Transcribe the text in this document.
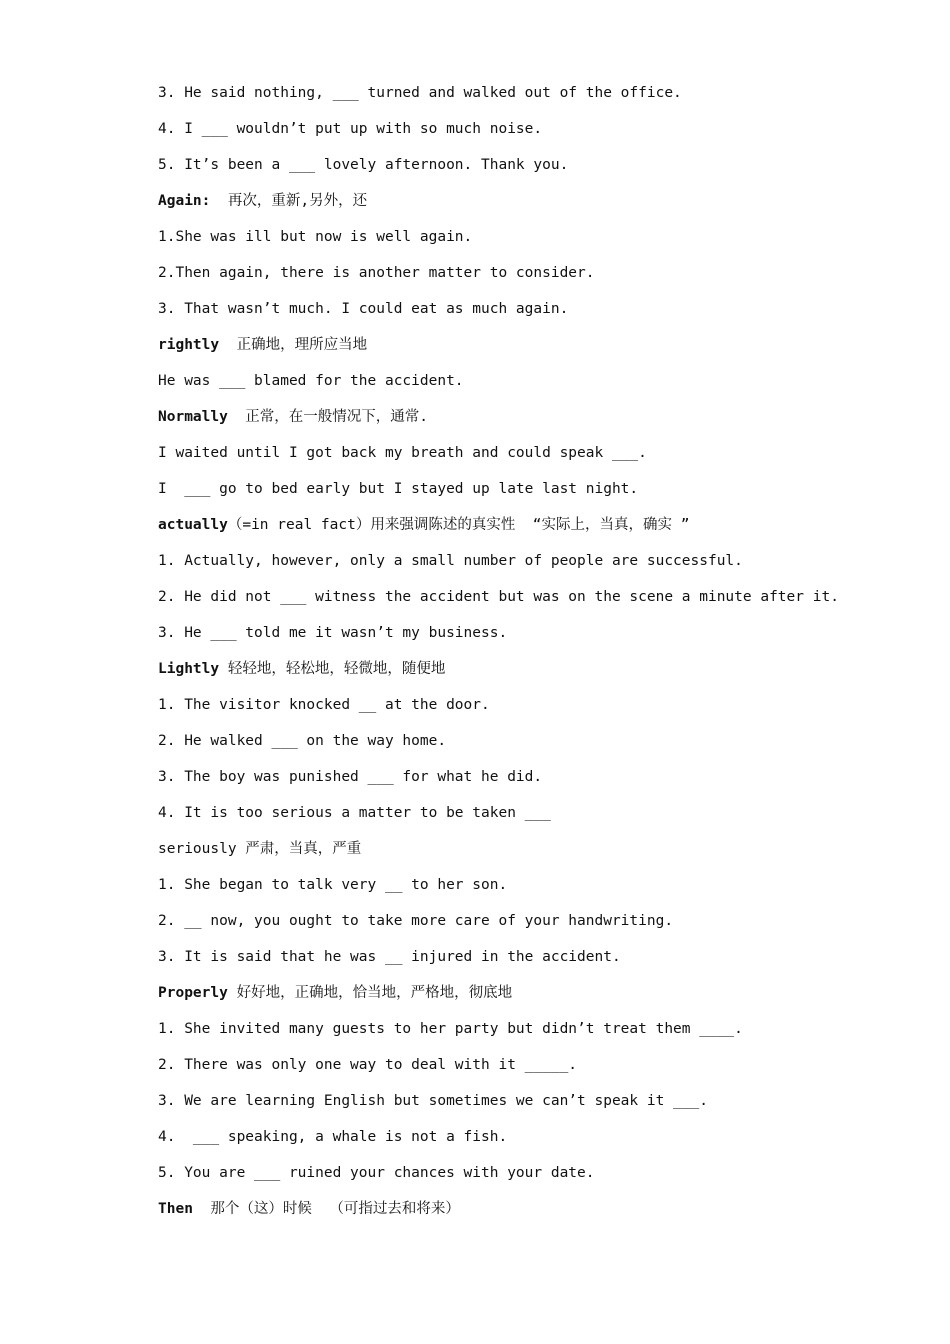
3. He said nothing, ___ turned and walked out of the office.
4. I ___ wouldn’t put up with so much noise.
5. It’s been a ___ lovely afternoon. Thank you.
Again:  再次，重新,另外，还
1.She was ill but now is well again.
2.Then again, there is another matter to consider.
3. That wasn’t much. I could eat as much again.
rightly  正确地，理所应当地
He was ___ blamed for the accident.
Normally  正常，在一般情况下，通常.
I waited until I got back my breath and could speak ___.
I  ___ go to bed early but I stayed up late last night.
actually（=in real fact）用来强调陈述的真实性  “实际上，当真，确实 ”
1. Actually, however, only a small number of people are successful.
2. He did not ___ witness the accident but was on the scene a minute after it.
3. He ___ told me it wasn’t my business.
Lightly 轻轻地，轻松地，轻微地，随便地
1. The visitor knocked __ at the door.
2. He walked ___ on the way home.
3. The boy was punished ___ for what he did.
4. It is too serious a matter to be taken ___
seriously 严肃，当真，严重
1. She began to talk very __ to her son.
2. __ now, you ought to take more care of your handwriting.
3. It is said that he was __ injured in the accident.
Properly 好好地，正确地，恰当地，严格地，彻底地
1. She invited many guests to her party but didn’t treat them ____.
2. There was only one way to deal with it _____.
3. We are learning English but sometimes we can’t speak it ___.
4.  ___ speaking, a whale is not a fish.
5. You are ___ ruined your chances with your date.
Then  那个（这）时候  （可指过去和将来）
